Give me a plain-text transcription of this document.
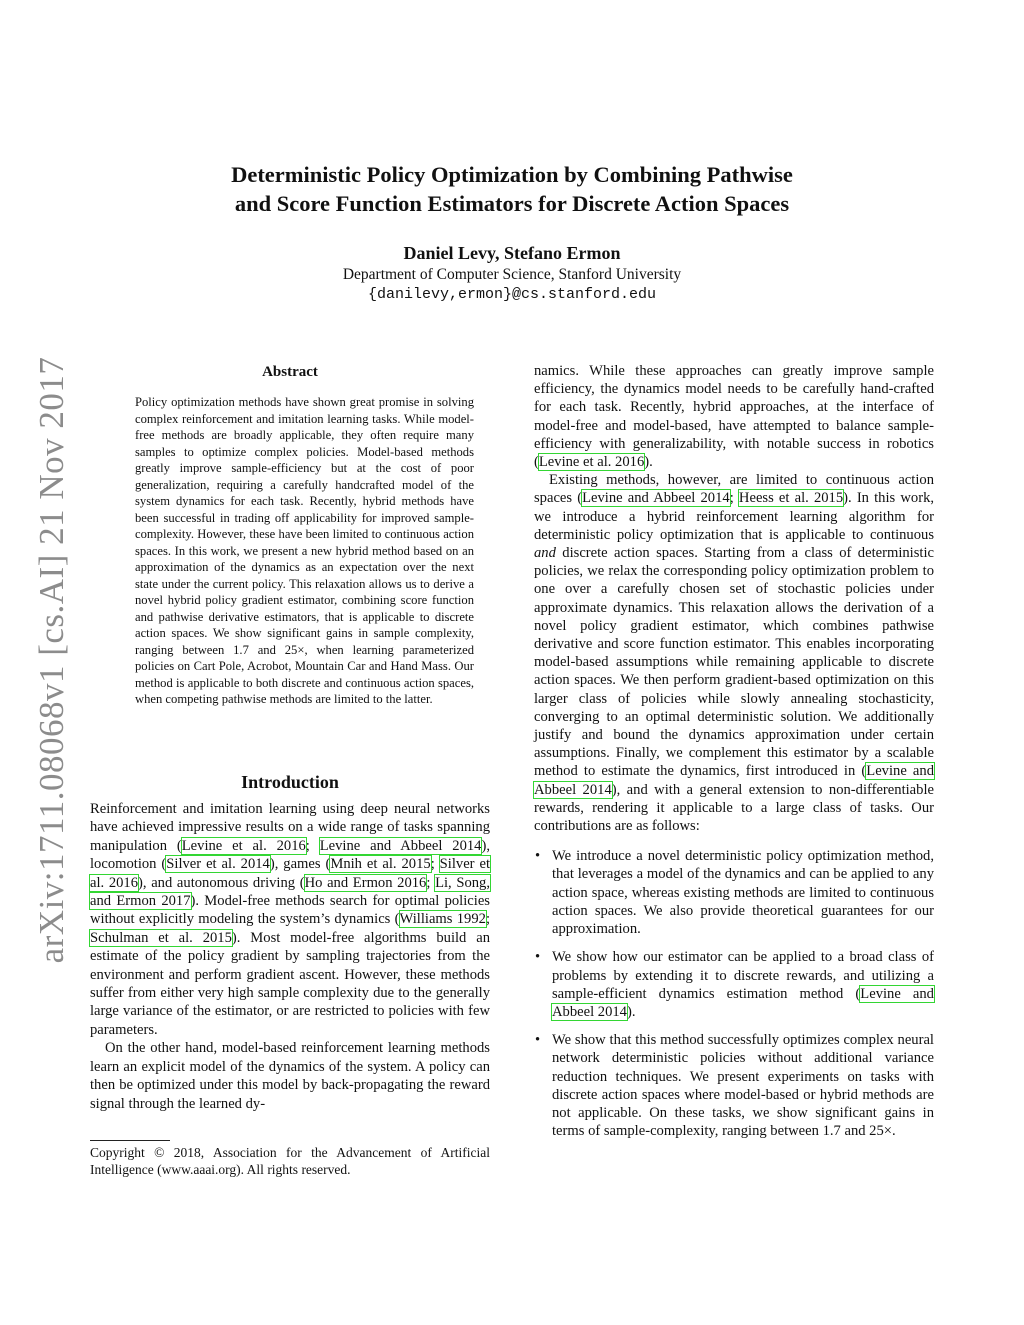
arXiv:1711.08068v1 [cs.AI] 21 Nov 2017
Deterministic Policy Optimization by Combining Pathwise
and Score Function Estimators for Discrete Action Spaces
Daniel Levy, Stefano Ermon
Department of Computer Science, Stanford University
{danilevy,ermon}@cs.stanford.edu
Abstract

Policy optimization methods have shown great promise in solving complex reinforcement and imitation learning tasks. While model-free methods are broadly applicable, they often require many samples to optimize complex policies. Model-based methods greatly improve sample-efficiency but at the cost of poor generalization, requiring a carefully handcrafted model of the system dynamics for each task. Recently, hybrid methods have been successful in trading off applicability for improved sample-complexity. However, these have been limited to continuous action spaces. In this work, we present a new hybrid method based on an approximation of the dynamics as an expectation over the next state under the current policy. This relaxation allows us to derive a novel hybrid policy gradient estimator, combining score function and pathwise derivative estimators, that is applicable to discrete action spaces. We show significant gains in sample complexity, ranging between 1.7 and 25×, when learning parameterized policies on Cart Pole, Acrobot, Mountain Car and Hand Mass. Our method is applicable to both discrete and continuous action spaces, when competing pathwise methods are limited to the latter.

Introduction

Reinforcement and imitation learning using deep neural networks have achieved impressive results on a wide range of tasks spanning manipulation (Levine et al. 2016; Levine and Abbeel 2014), locomotion (Silver et al. 2014), games (Mnih et al. 2015; Silver et al. 2016), and autonomous driving (Ho and Ermon 2016; Li, Song, and Ermon 2017). Model-free methods search for optimal policies without explicitly modeling the system’s dynamics (Williams 1992; Schulman et al. 2015). Most model-free algorithms build an estimate of the policy gradient by sampling trajectories from the environment and perform gradient ascent. However, these methods suffer from either very high sample complexity due to the generally large variance of the estimator, or are restricted to policies with few parameters.

On the other hand, model-based reinforcement learning methods learn an explicit model of the dynamics of the system. A policy can then be optimized under this model by back-propagating the reward signal through the learned dy-

Copyright © 2018, Association for the Advancement of Artificial Intelligence (www.aaai.org). All rights reserved.

namics. While these approaches can greatly improve sample efficiency, the dynamics model needs to be carefully hand-crafted for each task. Recently, hybrid approaches, at the interface of model-free and model-based, have attempted to balance sample-efficiency with generalizability, with notable success in robotics (Levine et al. 2016).

Existing methods, however, are limited to continuous action spaces (Levine and Abbeel 2014; Heess et al. 2015). In this work, we introduce a hybrid reinforcement learning algorithm for deterministic policy optimization that is applicable to continuous and discrete action spaces. Starting from a class of deterministic policies, we relax the corresponding policy optimization problem to one over a carefully chosen set of stochastic policies under approximate dynamics. This relaxation allows the derivation of a novel policy gradient estimator, which combines pathwise derivative and score function estimator. This enables incorporating model-based assumptions while remaining applicable to discrete action spaces. We then perform gradient-based optimization on this larger class of policies while slowly annealing stochasticity, converging to an optimal deterministic solution. We additionally justify and bound the dynamics approximation under certain assumptions. Finally, we complement this estimator by a scalable method to estimate the dynamics, first introduced in (Levine and Abbeel 2014), and with a general extension to non-differentiable rewards, rendering it applicable to a large class of tasks. Our contributions are as follows:

• We introduce a novel deterministic policy optimization method, that leverages a model of the dynamics and can be applied to any action space, whereas existing methods are limited to continuous action spaces. We also provide theoretical guarantees for our approximation.
• We show how our estimator can be applied to a broad class of problems by extending it to discrete rewards, and utilizing a sample-efficient dynamics estimation method (Levine and Abbeel 2014).
• We show that this method successfully optimizes complex neural network deterministic policies without additional variance reduction techniques. We present experiments on tasks with discrete action spaces where model-based or hybrid methods are not applicable. On these tasks, we show significant gains in terms of sample-complexity, ranging between 1.7 and 25×.
